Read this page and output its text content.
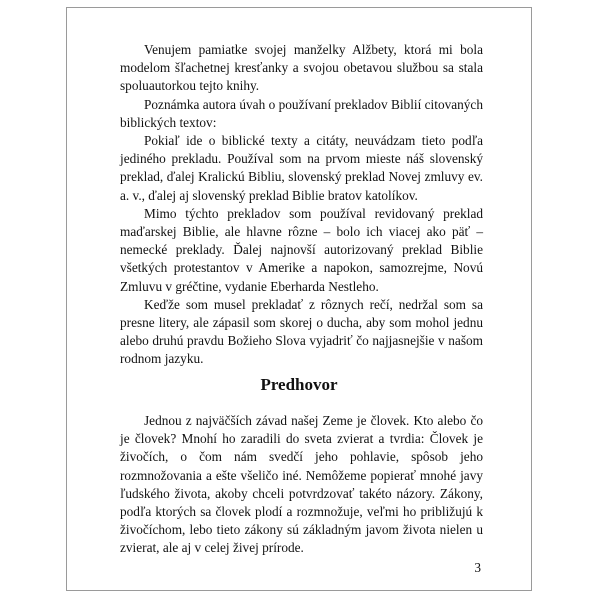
Venujem pamiatke svojej manželky Alžbety, ktorá mi bola modelom šľachetnej kresťanky a svojou obetavou službou sa stala spoluautorkou tejto knihy.

Poznámka autora úvah o používaní prekladov Biblií citovaných biblických textov:

Pokiaľ ide o biblické texty a citáty, neuvádzam tieto podľa jediného prekladu. Používal som na prvom mieste náš slovenský preklad, ďalej Kralickú Bibliu, slovenský preklad Novej zmluvy ev. a. v., ďalej aj slovenský preklad Biblie bratov katolíkov.

Mimo týchto prekladov som používal revidovaný preklad maďarskej Biblie, ale hlavne rôzne – bolo ich viacej ako päť – nemecké preklady. Ďalej najnovší autorizovaný preklad Biblie všetkých protestantov v Amerike a napokon, samozrejme, Novú Zmluvu v gréčtine, vydanie Eberharda Nestleho.

Keďže som musel prekladať z rôznych rečí, nedržal som sa presne litery, ale zápasil som skorej o ducha, aby som mohol jednu alebo druhú pravdu Božieho Slova vyjadriť čo najjasnejšie v našom rodnom jazyku.

Predhovor

Jednou z najväčších závad našej Zeme je človek. Kto alebo čo je človek? Mnohí ho zaradili do sveta zvierat a tvrdia: Človek je živočích, o čom nám svedčí jeho pohlavie, spôsob jeho rozmnožovania a ešte všeličo iné. Nemôžeme popierať mnohé javy ľudského života, akoby chceli potvrdzovať takéto názory. Zákony, podľa ktorých sa človek plodí a rozmnožuje, veľmi ho približujú k živočíchom, lebo tieto zákony sú základným javom života nielen u zvierat, ale aj v celej živej prírode.

3
